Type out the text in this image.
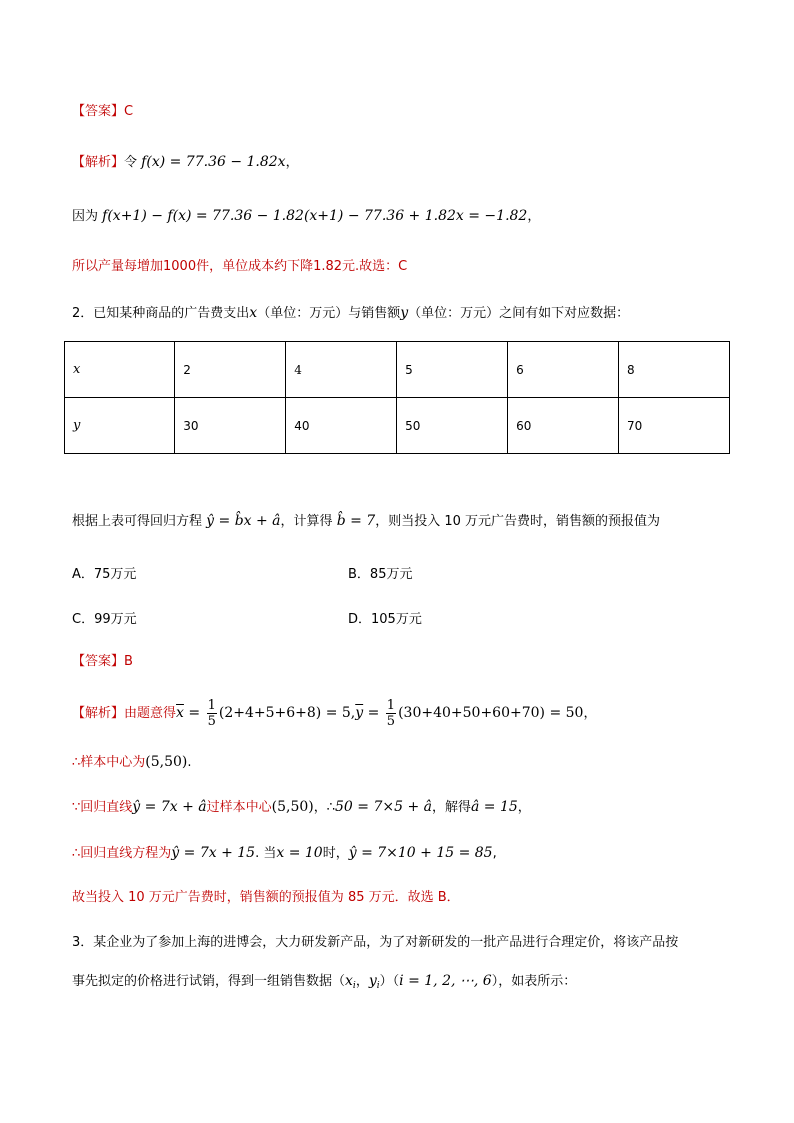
【答案】C
【解析】令 f(x) = 77.36 − 1.82x，
因为 f(x+1) − f(x) = 77.36 − 1.82(x+1) − 77.36 + 1.82x = −1.82，
所以产量每增加1000件，单位成本约下降1.82元.故选：C
2．已知某种商品的广告费支出x（单位：万元）与销售额y（单位：万元）之间有如下对应数据：
x	2	4	5	6	8
y	30	40	50	60	70
根据上表可得回归方程 ŷ = b̂x + â，计算得 b̂ = 7，则当投入 10 万元广告费时，销售额的预报值为
A．75万元	B．85万元
C．99万元	D．105万元
【答案】B
【解析】由题意得$\overline{x} = \frac{1}{5} (2+4+5+6+8) = 5,\overline{y} = \frac{1}{5} (30+40+50+60+70) = 50$，
∴样本中心为(5,50).
∵回归直线ŷ = 7x + â过样本中心(5,50)，∴50 = 7×5 + â，解得â = 15，
∴回归直线方程为ŷ = 7x + 15. 当x = 10时，ŷ = 7×10 + 15 = 85,
故当投入 10 万元广告费时，销售额的预报值为 85 万元．故选 B．
3．某企业为了参加上海的进博会，大力研发新产品，为了对新研发的一批产品进行合理定价，将该产品按
事先拟定的价格进行试销，得到一组销售数据（$x_i$，$y_i)(i = 1$, 2, ⋯, 6），如表所示：
